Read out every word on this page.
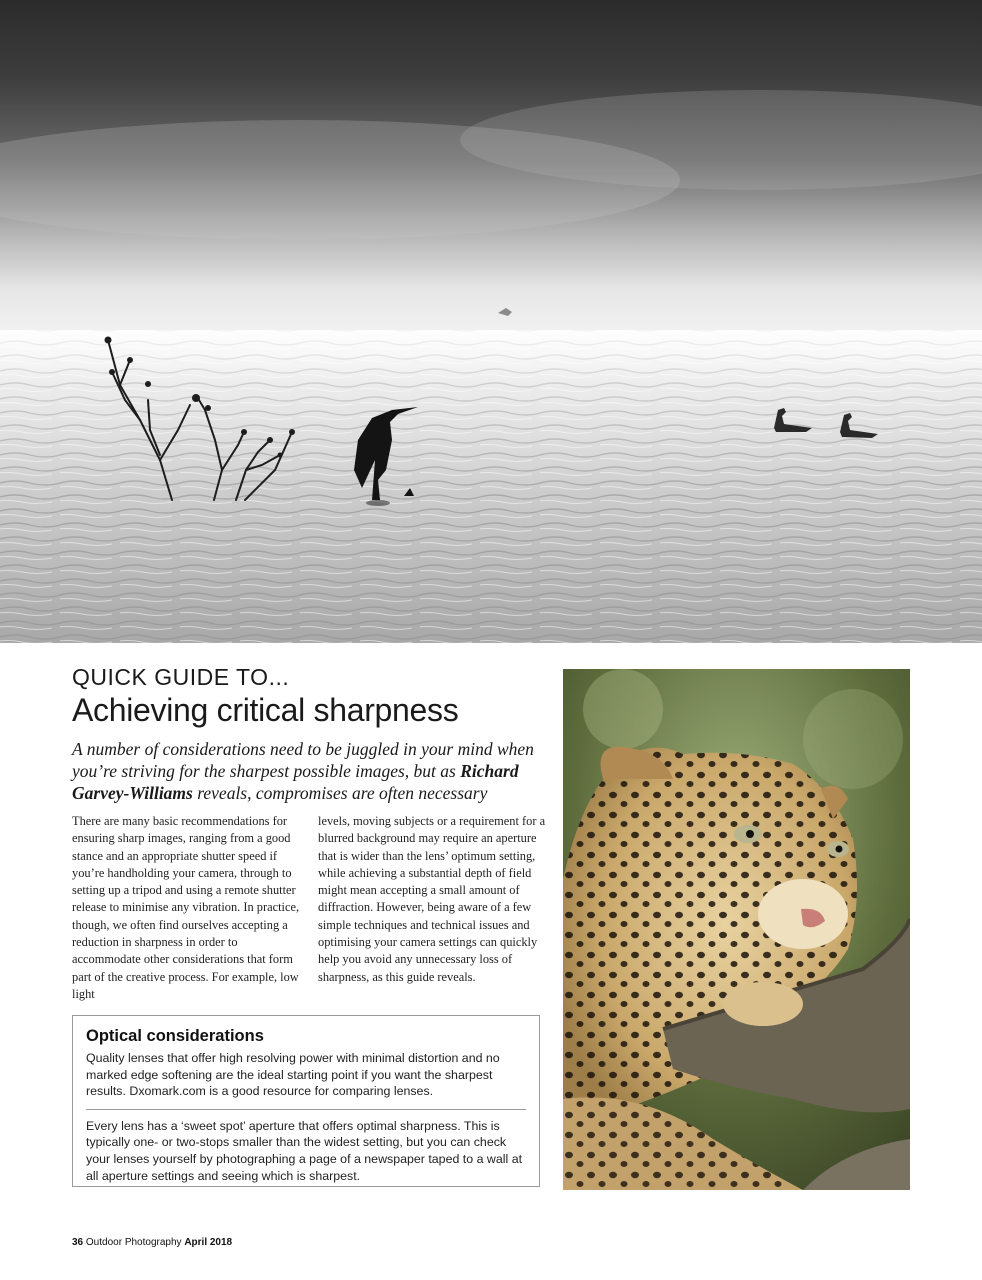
QUICK GUIDE TO...
Achieving critical sharpness

A number of considerations need to be juggled in your mind when you’re striving for the sharpest possible images, but as Richard Garvey-Williams reveals, compromises are often necessary

There are many basic recommendations for ensuring sharp images, ranging from a good stance and an appropriate shutter speed if you’re handholding your camera, through to setting up a tripod and using a remote shutter release to minimise any vibration. In practice, though, we often find ourselves accepting a reduction in sharpness in order to accommodate other considerations that form part of the creative process. For example, low light

levels, moving subjects or a requirement for a blurred background may require an aperture that is wider than the lens’ optimum setting, while achieving a substantial depth of field might mean accepting a small amount of diffraction. However, being aware of a few simple techniques and technical issues and optimising your camera settings can quickly help you avoid any unnecessary loss of sharpness, as this guide reveals.

Optical considerations

Quality lenses that offer high resolving power with minimal distortion and no marked edge softening are the ideal starting point if you want the sharpest results. Dxomark.com is a good resource for comparing lenses.

Every lens has a ‘sweet spot’ aperture that offers optimal sharpness. This is typically one- or two-stops smaller than the widest setting, but you can check your lenses yourself by photographing a page of a newspaper taped to a wall at all aperture settings and seeing which is sharpest.

36 Outdoor Photography April 2018
